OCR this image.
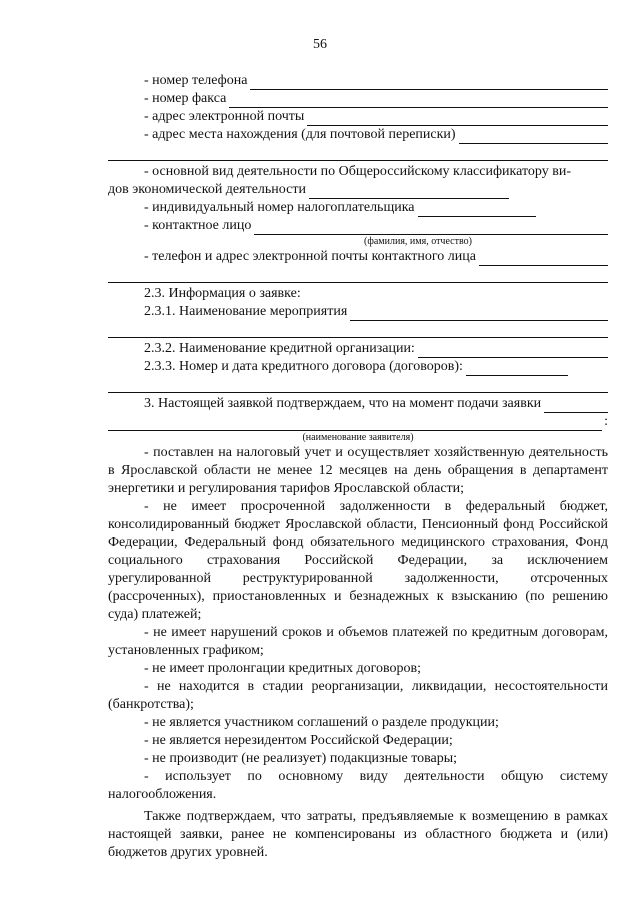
56
- номер телефона
- номер факса
- адрес электронной почты
- адрес места нахождения (для почтовой переписки)
- основной вид деятельности по Общероссийскому классификатору ви-
дов экономической деятельности
- индивидуальный номер налогоплательщика
- контактное лицо
(фамилия, имя, отчество)
- телефон и адрес электронной почты контактного лица
2.3. Информация о заявке:
2.3.1. Наименование мероприятия
2.3.2. Наименование кредитной организации:
2.3.3. Номер и дата кредитного договора (договоров):
3. Настоящей заявкой подтверждаем, что на момент подачи заявки
:
(наименование заявителя)

- поставлен на налоговый учет и осуществляет хозяйственную деятельность в Ярославской области не менее 12 месяцев на день обращения в департамент энергетики и регулирования тарифов Ярославской области;

- не имеет просроченной задолженности в федеральный бюджет, консолидированный бюджет Ярославской области, Пенсионный фонд Российской Федерации, Федеральный фонд обязательного медицинского страхования, Фонд социального страхования Российской Федерации, за исключением урегулированной реструктурированной задолженности, отсроченных (рассроченных), приостановленных и безнадежных к взысканию (по решению суда) платежей;

- не имеет нарушений сроков и объемов платежей по кредитным договорам, установленных графиком;

- не имеет пролонгации кредитных договоров;

- не находится в стадии реорганизации, ликвидации, несостоятельности (банкротства);

- не является участником соглашений о разделе продукции;

- не является нерезидентом Российской Федерации;

- не производит (не реализует) подакцизные товары;

- использует по основному виду деятельности общую систему налогообложения.

Также подтверждаем, что затраты, предъявляемые к возмещению в рамках настоящей заявки, ранее не компенсированы из областного бюджета и (или) бюджетов других уровней.
